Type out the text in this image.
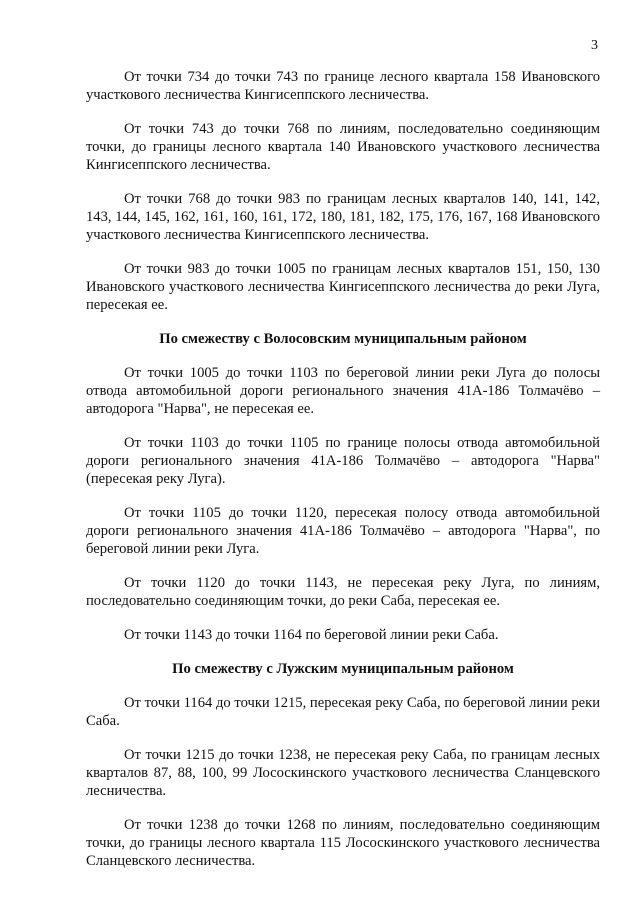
3

От точки 734 до точки 743 по границе лесного квартала 158 Ивановского участкового лесничества Кингисеппского лесничества.

От точки 743 до точки 768 по линиям, последовательно соединяющим точки, до границы лесного квартала 140 Ивановского участкового лесничества Кингисеппского лесничества.

От точки 768 до точки 983 по границам лесных кварталов 140, 141, 142, 143, 144, 145, 162, 161, 160, 161, 172, 180, 181, 182, 175, 176, 167, 168 Ивановского участкового лесничества Кингисеппского лесничества.

От точки 983 до точки 1005 по границам лесных кварталов 151, 150, 130 Ивановского участкового лесничества Кингисеппского лесничества до реки Луга, пересекая ее.

По смежеству с Волосовским муниципальным районом

От точки 1005 до точки 1103 по береговой линии реки Луга до полосы отвода автомобильной дороги регионального значения 41А-186 Толмачёво – автодорога "Нарва", не пересекая ее.

От точки 1103 до точки 1105 по границе полосы отвода автомобильной дороги регионального значения 41А-186 Толмачёво – автодорога "Нарва" (пересекая реку Луга).

От точки 1105 до точки 1120, пересекая полосу отвода автомобильной дороги регионального значения 41А-186 Толмачёво – автодорога "Нарва", по береговой линии реки Луга.

От точки 1120 до точки 1143, не пересекая реку Луга, по линиям, последовательно соединяющим точки, до реки Саба, пересекая ее.

От точки 1143 до точки 1164 по береговой линии реки Саба.

По смежеству с Лужским муниципальным районом

От точки 1164 до точки 1215, пересекая реку Саба, по береговой линии реки Саба.

От точки 1215 до точки 1238, не пересекая реку Саба, по границам лесных кварталов 87, 88, 100, 99 Лососкинского участкового лесничества Сланцевского лесничества.

От точки 1238 до точки 1268 по линиям, последовательно соединяющим точки, до границы лесного квартала 115 Лососкинского участкового лесничества Сланцевского лесничества.
